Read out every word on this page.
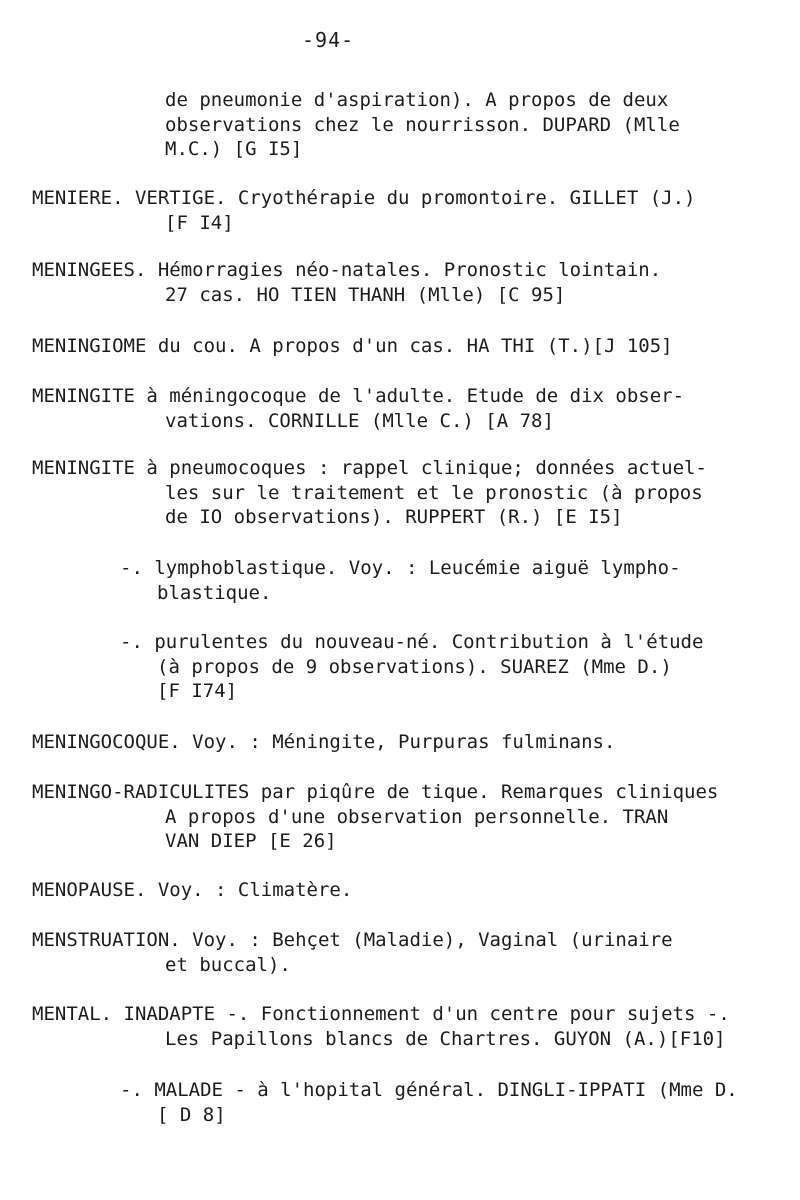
-94-
de pneumonie d'aspiration). A propos de deux
observations chez le nourrisson. DUPARD (Mlle
M.C.) [G I5]
MENIERE. VERTIGE. Cryothérapie du promontoire. GILLET (J.)
[F I4]
MENINGEES. Hémorragies néo-natales. Pronostic lointain.
27 cas. HO TIEN THANH (Mlle) [C 95]
MENINGIOME du cou. A propos d'un cas. HA THI (T.)[J 105]
MENINGITE à méningocoque de l'adulte. Etude de dix obser-
vations. CORNILLE (Mlle C.) [A 78]
MENINGITE à pneumocoques : rappel clinique; données actuel-
les sur le traitement et le pronostic (à propos
de IO observations). RUPPERT (R.) [E I5]
-. lymphoblastique. Voy. : Leucémie aiguë lympho-
blastique.
-. purulentes du nouveau-né. Contribution à l'étude
(à propos de 9 observations). SUAREZ (Mme D.)
[F I74]
MENINGOCOQUE. Voy. : Méningite, Purpuras fulminans.
MENINGO-RADICULITES par piqûre de tique. Remarques cliniques
A propos d'une observation personnelle. TRAN
VAN DIEP [E 26]
MENOPAUSE. Voy. : Climatère.
MENSTRUATION. Voy. : Behçet (Maladie), Vaginal (urinaire
et buccal).
MENTAL. INADAPTE -. Fonctionnement d'un centre pour sujets -.
Les Papillons blancs de Chartres. GUYON (A.)[F10]
-. MALADE - à l'hopital général. DINGLI-IPPATI (Mme D.
[ D 8]
